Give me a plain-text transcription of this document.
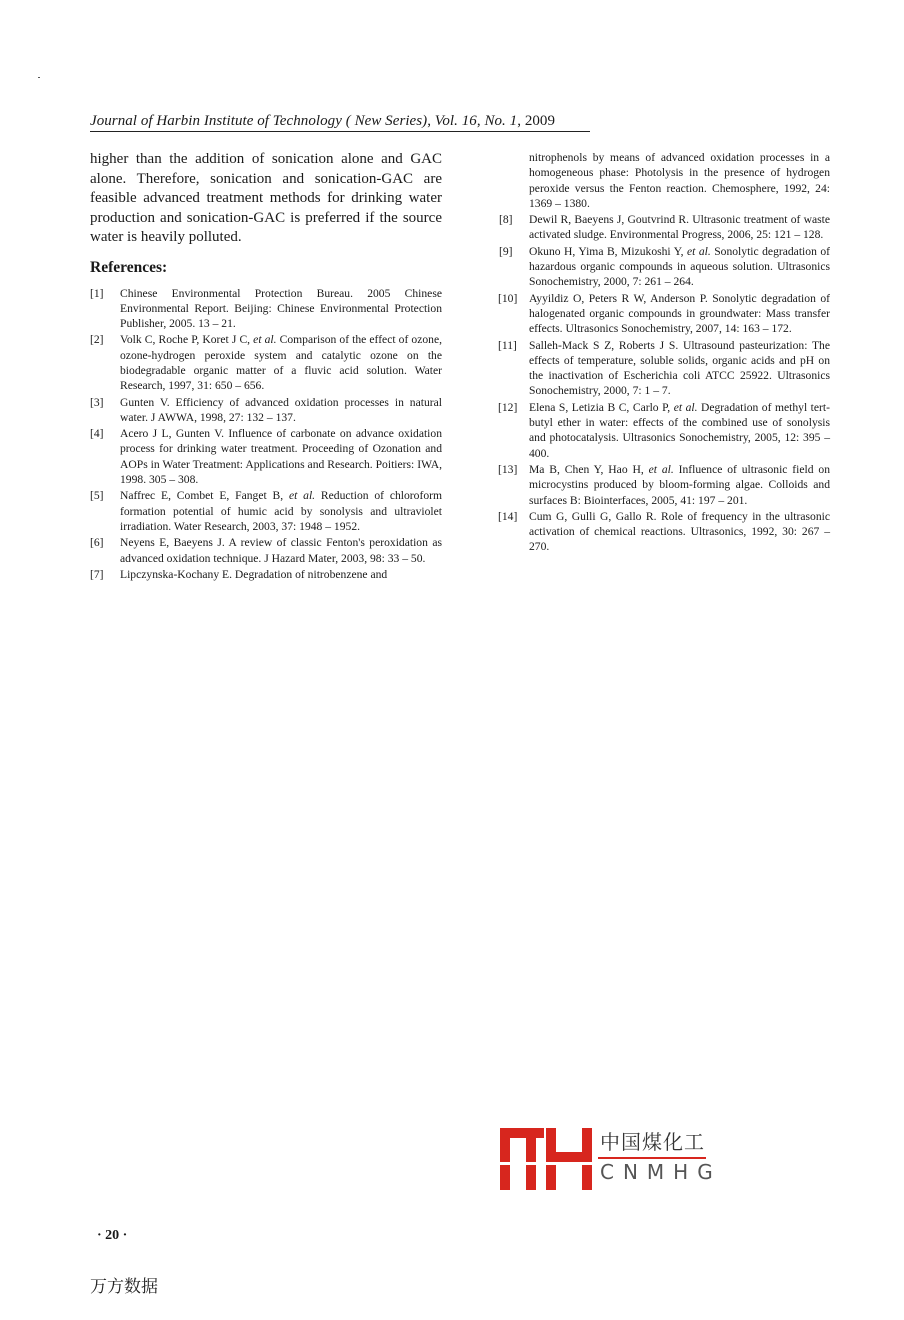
Journal of Harbin Institute of Technology ( New Series), Vol. 16, No. 1, 2009

higher than the addition of sonication alone and GAC alone. Therefore, sonication and sonication-GAC are feasible advanced treatment methods for drinking water production and sonication-GAC is preferred if the source water is heavily polluted.

References:
[1] Chinese Environmental Protection Bureau. 2005 Chinese Environmental Report. Beijing: Chinese Environmental Protection Publisher, 2005. 13 – 21.
[2] Volk C, Roche P, Koret J C, et al. Comparison of the effect of ozone, ozone-hydrogen peroxide system and catalytic ozone on the biodegradable organic matter of a fluvic acid solution. Water Research, 1997, 31: 650 – 656.
[3] Gunten V. Efficiency of advanced oxidation processes in natural water. J AWWA, 1998, 27: 132 – 137.
[4] Acero J L, Gunten V. Influence of carbonate on advance oxidation process for drinking water treatment. Proceeding of Ozonation and AOPs in Water Treatment: Applications and Research. Poitiers: IWA, 1998. 305 – 308.
[5] Naffrec E, Combet E, Fanget B, et al. Reduction of chloroform formation potential of humic acid by sonolysis and ultraviolet irradiation. Water Research, 2003, 37: 1948 – 1952.
[6] Neyens E, Baeyens J. A review of classic Fenton's peroxidation as advanced oxidation technique. J Hazard Mater, 2003, 98: 33 – 50.
[7] Lipczynska-Kochany E. Degradation of nitrobenzene and
nitrophenols by means of advanced oxidation processes in a homogeneous phase: Photolysis in the presence of hydrogen peroxide versus the Fenton reaction. Chemosphere, 1992, 24: 1369 – 1380.
[8] Dewil R, Baeyens J, Goutvrind R. Ultrasonic treatment of waste activated sludge. Environmental Progress, 2006, 25: 121 – 128.
[9] Okuno H, Yima B, Mizukoshi Y, et al. Sonolytic degradation of hazardous organic compounds in aqueous solution. Ultrasonics Sonochemistry, 2000, 7: 261 – 264.
[10] Ayyildiz O, Peters R W, Anderson P. Sonolytic degradation of halogenated organic compounds in groundwater: Mass transfer effects. Ultrasonics Sonochemistry, 2007, 14: 163 – 172.
[11] Salleh-Mack S Z, Roberts J S. Ultrasound pasteurization: The effects of temperature, soluble solids, organic acids and pH on the inactivation of Escherichia coli ATCC 25922. Ultrasonics Sonochemistry, 2000, 7: 1 – 7.
[12] Elena S, Letizia B C, Carlo P, et al. Degradation of methyl tert-butyl ether in water: effects of the combined use of sonolysis and photocatalysis. Ultrasonics Sonochemistry, 2005, 12: 395 – 400.
[13] Ma B, Chen Y, Hao H, et al. Influence of ultrasonic field on microcystins produced by bloom-forming algae. Colloids and surfaces B: Biointerfaces, 2005, 41: 197 – 201.
[14] Cum G, Gulli G, Gallo R. Role of frequency in the ultrasonic activation of chemical reactions. Ultrasonics, 1992, 30: 267 – 270.
中国煤化工
CNMHG
· 20 ·
万方数据
